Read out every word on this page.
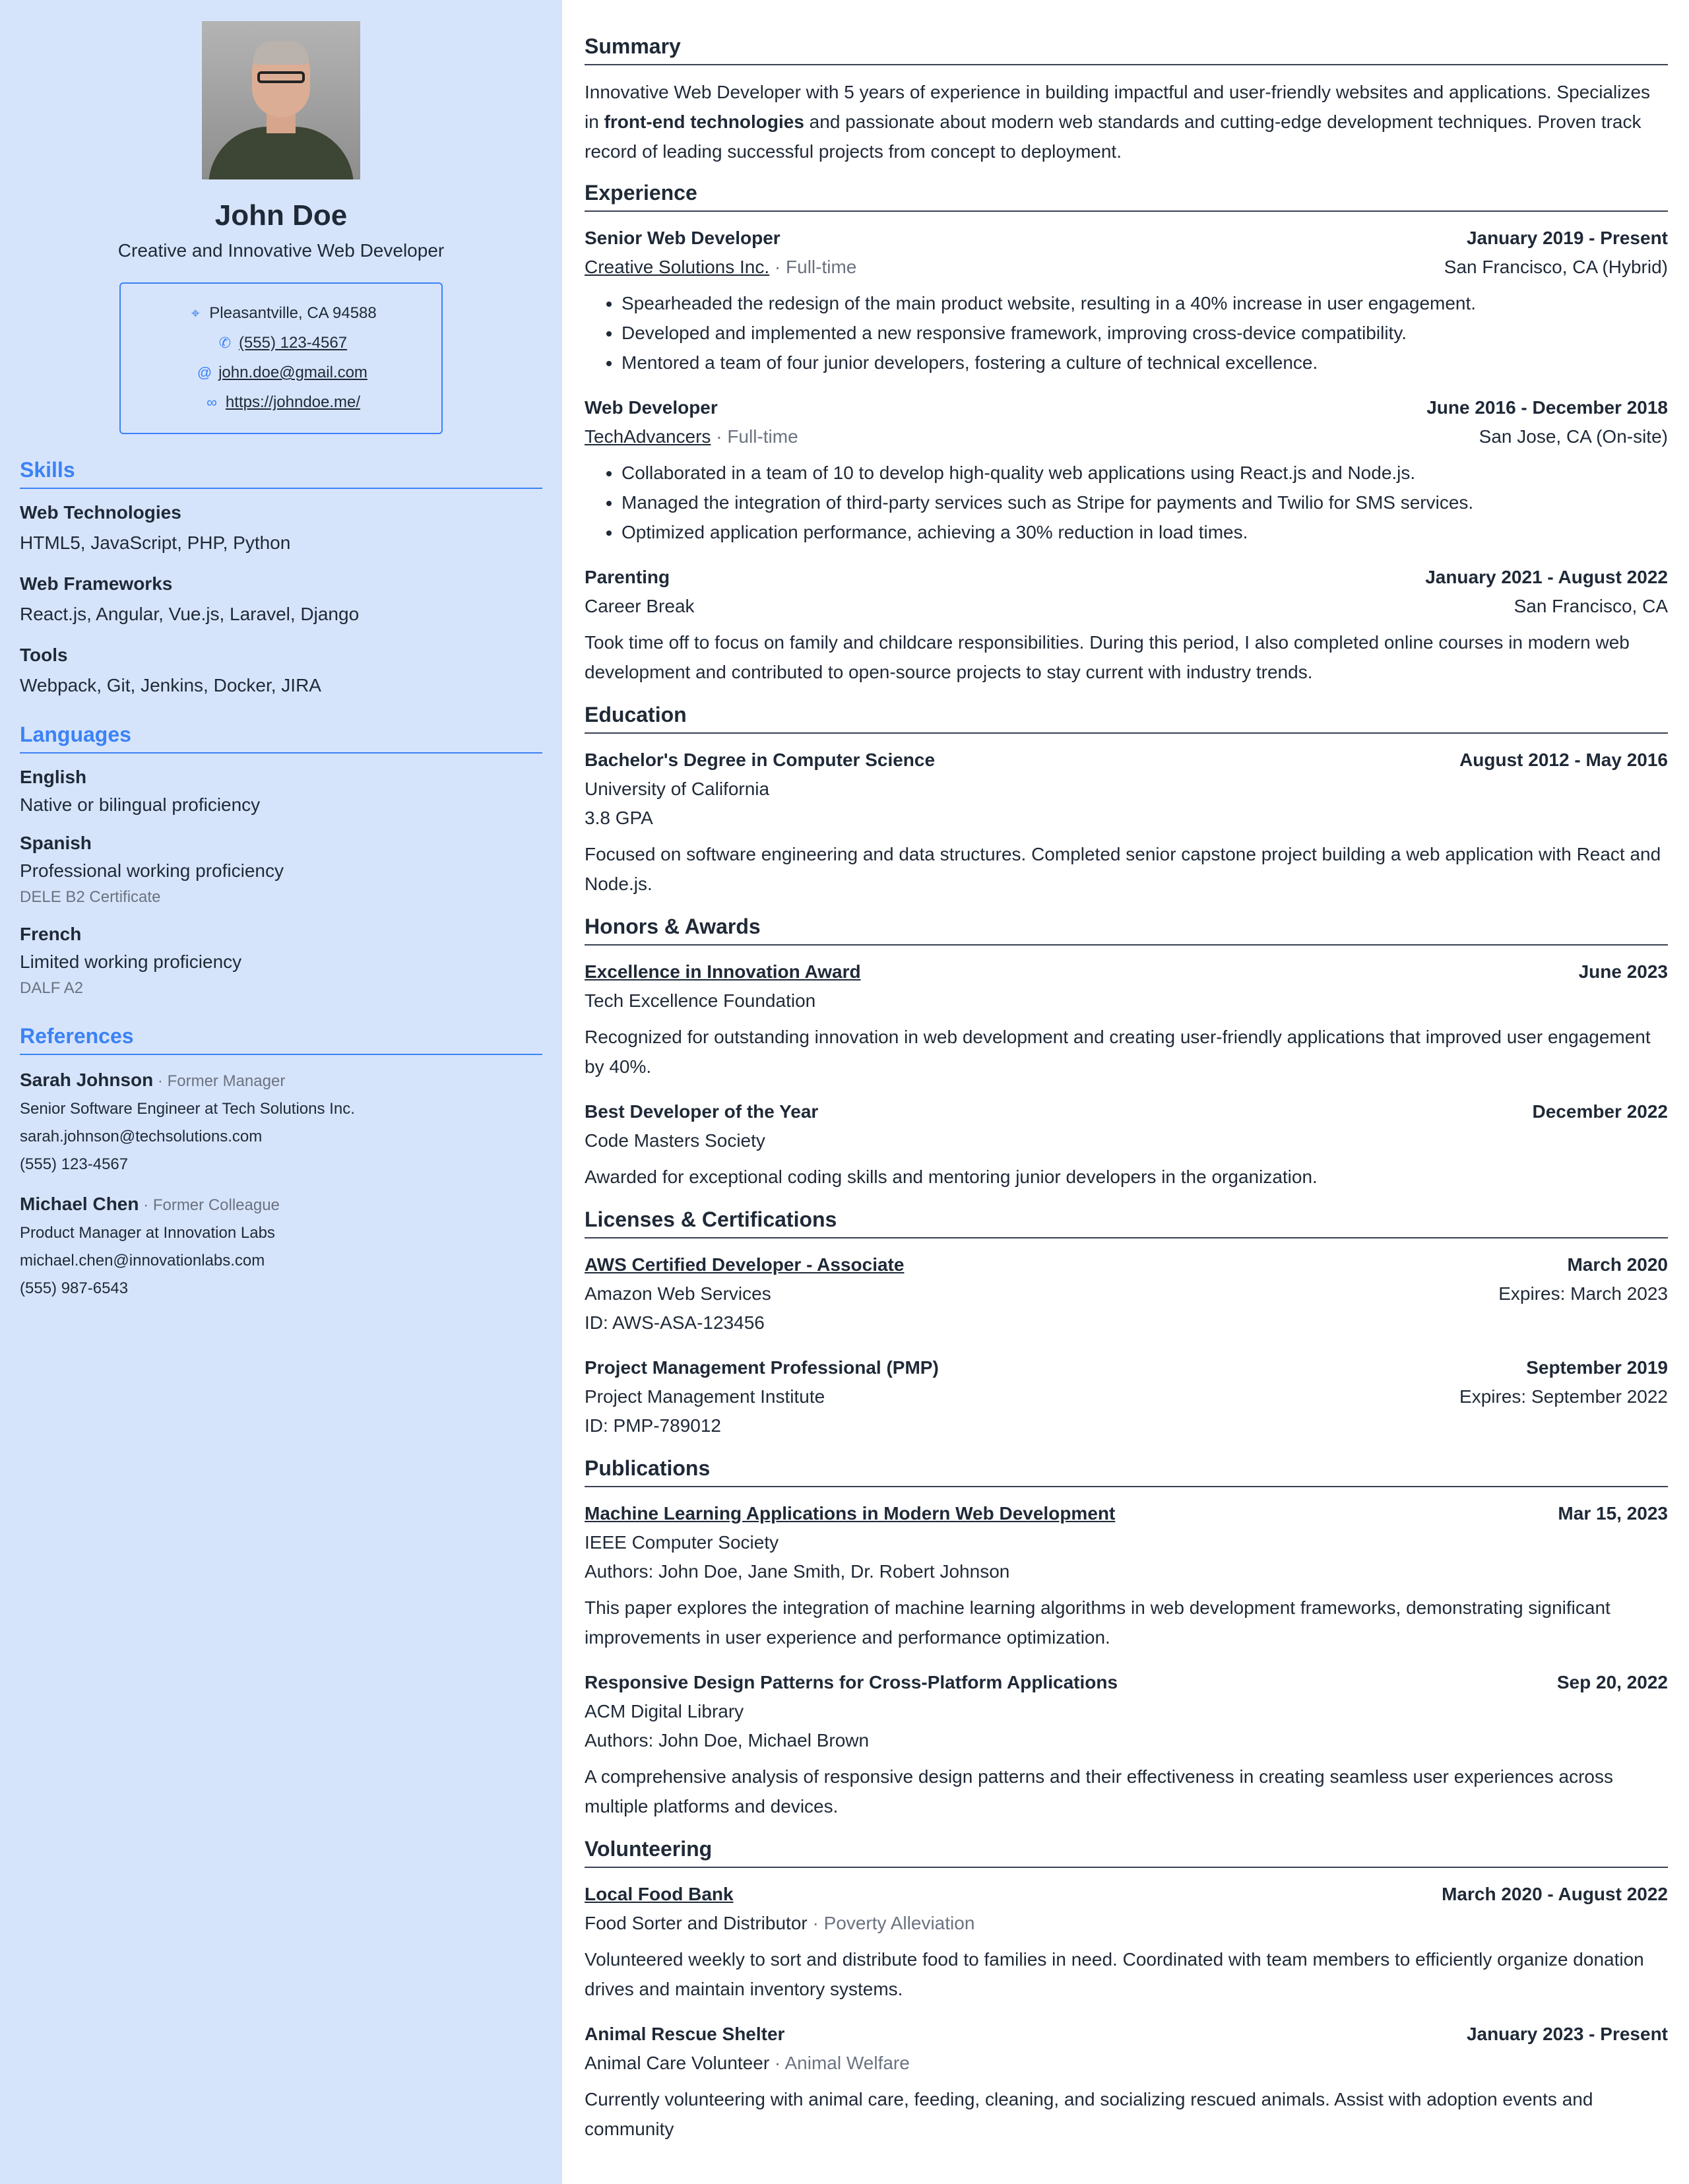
John Doe
Creative and Innovative Web Developer
⌖ Pleasantville, CA 94588
✆ (555) 123-4567
@ john.doe@gmail.com
∞ https://johndoe.me/
Skills
Web Technologies
HTML5, JavaScript, PHP, Python
Web Frameworks
React.js, Angular, Vue.js, Laravel, Django
Tools
Webpack, Git, Jenkins, Docker, JIRA
Languages
English
Native or bilingual proficiency
Spanish
Professional working proficiency
DELE B2 Certificate
French
Limited working proficiency
DALF A2
References
Sarah Johnson · Former Manager
Senior Software Engineer at Tech Solutions Inc.
sarah.johnson@techsolutions.com
(555) 123-4567
Michael Chen · Former Colleague
Product Manager at Innovation Labs
michael.chen@innovationlabs.com
(555) 987-6543
Summary
Innovative Web Developer with 5 years of experience in building impactful and user-friendly websites and applications. Specializes in front-end technologies and passionate about modern web standards and cutting-edge development techniques. Proven track record of leading successful projects from concept to deployment.
Experience
Senior Web Developer	January 2019 - Present
Creative Solutions Inc. · Full-time	San Francisco, CA (Hybrid)
• Spearheaded the redesign of the main product website, resulting in a 40% increase in user engagement.
• Developed and implemented a new responsive framework, improving cross-device compatibility.
• Mentored a team of four junior developers, fostering a culture of technical excellence.
Web Developer	June 2016 - December 2018
TechAdvancers · Full-time	San Jose, CA (On-site)
• Collaborated in a team of 10 to develop high-quality web applications using React.js and Node.js.
• Managed the integration of third-party services such as Stripe for payments and Twilio for SMS services.
• Optimized application performance, achieving a 30% reduction in load times.
Parenting	January 2021 - August 2022
Career Break	San Francisco, CA
Took time off to focus on family and childcare responsibilities. During this period, I also completed online courses in modern web development and contributed to open-source projects to stay current with industry trends.
Education
Bachelor's Degree in Computer Science	August 2012 - May 2016
University of California
3.8 GPA
Focused on software engineering and data structures. Completed senior capstone project building a web application with React and Node.js.
Honors & Awards
Excellence in Innovation Award	June 2023
Tech Excellence Foundation
Recognized for outstanding innovation in web development and creating user-friendly applications that improved user engagement by 40%.
Best Developer of the Year	December 2022
Code Masters Society
Awarded for exceptional coding skills and mentoring junior developers in the organization.
Licenses & Certifications
AWS Certified Developer - Associate	March 2020
Amazon Web Services	Expires: March 2023
ID: AWS-ASA-123456
Project Management Professional (PMP)	September 2019
Project Management Institute	Expires: September 2022
ID: PMP-789012
Publications
Machine Learning Applications in Modern Web Development	Mar 15, 2023
IEEE Computer Society
Authors: John Doe, Jane Smith, Dr. Robert Johnson
This paper explores the integration of machine learning algorithms in web development frameworks, demonstrating significant improvements in user experience and performance optimization.
Responsive Design Patterns for Cross-Platform Applications	Sep 20, 2022
ACM Digital Library
Authors: John Doe, Michael Brown
A comprehensive analysis of responsive design patterns and their effectiveness in creating seamless user experiences across multiple platforms and devices.
Volunteering
Local Food Bank	March 2020 - August 2022
Food Sorter and Distributor · Poverty Alleviation
Volunteered weekly to sort and distribute food to families in need. Coordinated with team members to efficiently organize donation drives and maintain inventory systems.
Animal Rescue Shelter	January 2023 - Present
Animal Care Volunteer · Animal Welfare
Currently volunteering with animal care, feeding, cleaning, and socializing rescued animals. Assist with adoption events and community
